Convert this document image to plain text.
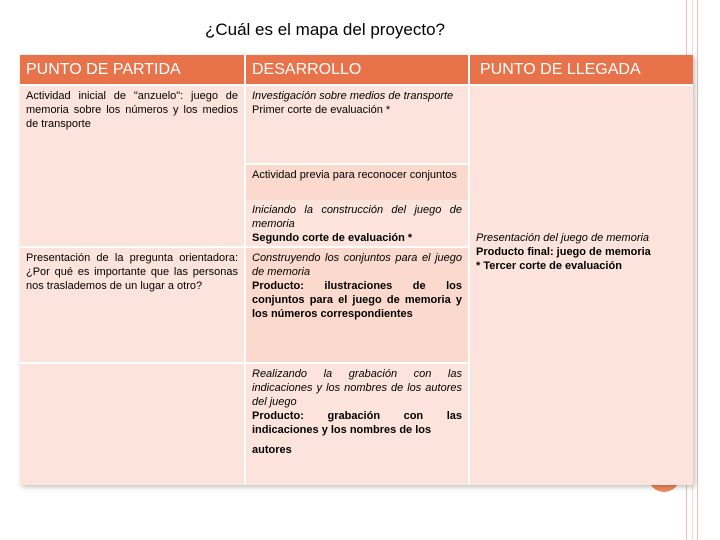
¿Cuál es el mapa del proyecto?
PUNTO DE PARTIDA	DESARROLLO	PUNTO DE LLEGADA
Actividad inicial de "anzuelo": juego de memoria sobre los números y los medios de transporte
Presentación de la pregunta orientadora: ¿Por qué es importante que las personas nos traslademos de un lugar a otro?
Investigación sobre medios de transporte
Primer corte de evaluación *
Actividad previa para reconocer conjuntos
Iniciando la construcción del juego de memoria
Segundo corte de evaluación *
Construyendo los conjuntos para el juego de memoria
Producto: ilustraciones de los conjuntos para el juego de memoria y los números correspondientes
Realizando la grabación con las indicaciones y los nombres de los autores del juego
Producto: grabación con las indicaciones y los nombres de los
autores
Presentación del juego de memoria
Producto final: juego de memoria
* Tercer corte de evaluación
